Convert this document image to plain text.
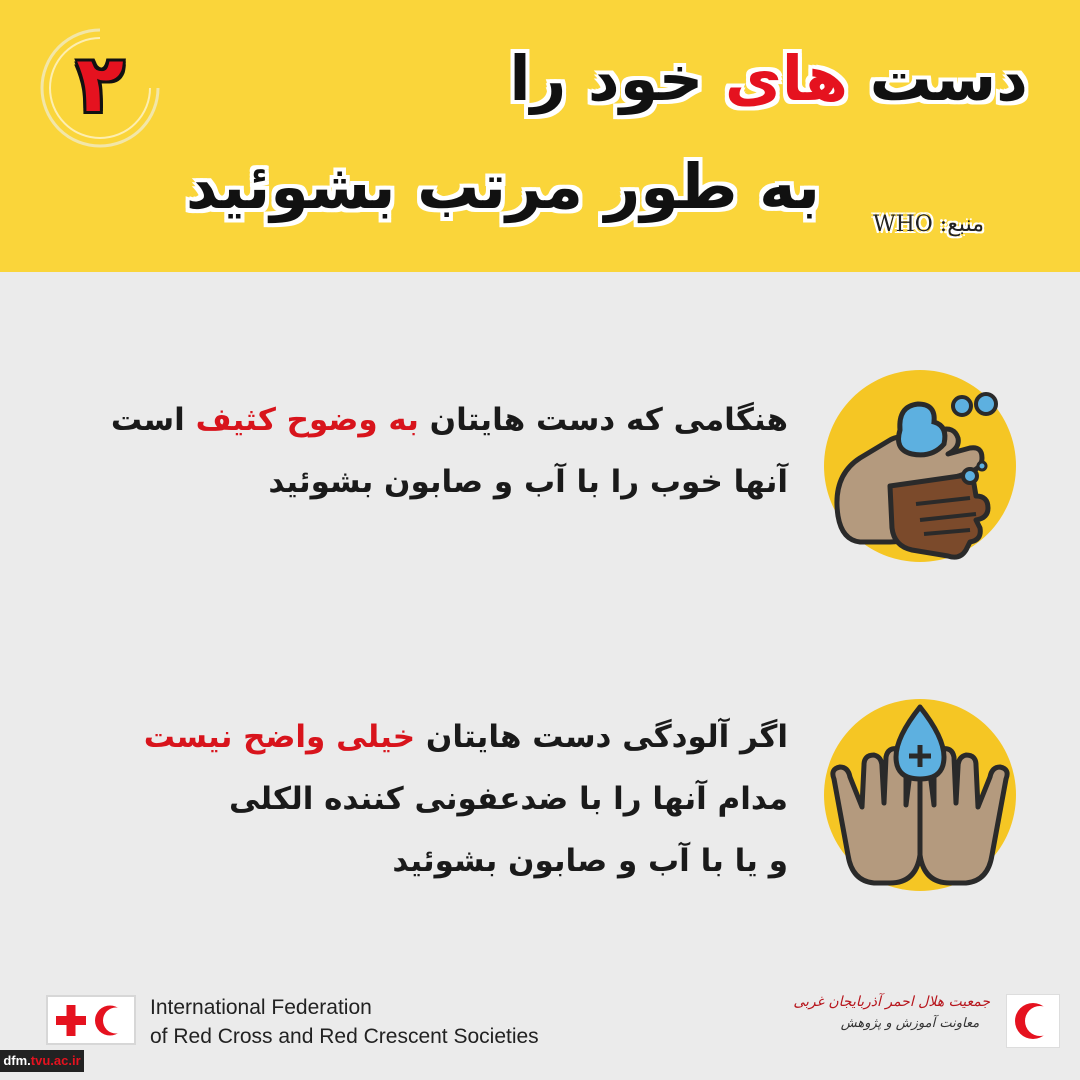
۲	دست های خود را
به طور مرتب بشوئید
منبع: WHO
هنگامی که دست هایتان به وضوح کثیف است
آنها خوب را با آب و صابون بشوئید
اگر آلودگی دست هایتان خیلی واضح نیست
مدام آنها را با ضدعفونی کننده الکلی
و یا با آب و صابون بشوئید
International Federation
of Red Cross and Red Crescent Societies
جمعیت هلال احمر آذربایجان غربی
معاونت آموزش و پژوهش
dfm.tvu.ac.ir
